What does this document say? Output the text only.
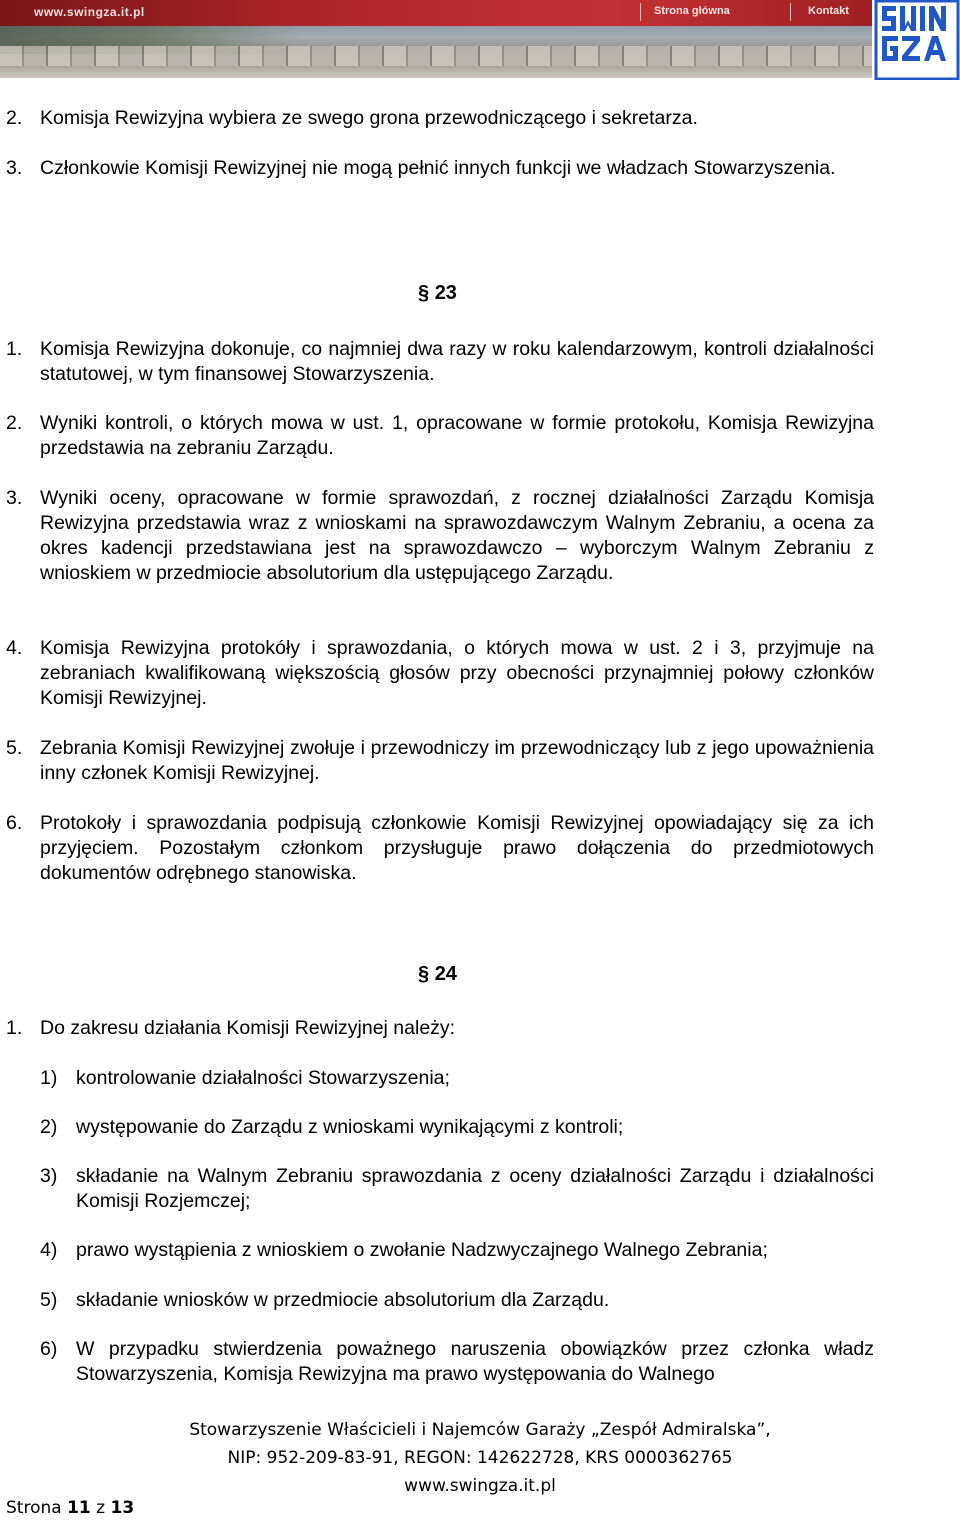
www.swingza.it.pl	Strona główna	Kontakt
2. Komisja Rewizyjna wybiera ze swego grona przewodniczącego i sekretarza.
3. Członkowie Komisji Rewizyjnej nie mogą pełnić innych funkcji we władzach Stowarzyszenia.
§ 23
1. Komisja Rewizyjna dokonuje, co najmniej dwa razy w roku kalendarzowym, kontroli działalności statutowej, w tym finansowej Stowarzyszenia.
2. Wyniki kontroli, o których mowa w ust. 1, opracowane w formie protokołu, Komisja Rewizyjna przedstawia na zebraniu Zarządu.
3. Wyniki oceny, opracowane w formie sprawozdań, z rocznej działalności Zarządu Komisja Rewizyjna przedstawia wraz z wnioskami na sprawozdawczym Walnym Zebraniu, a ocena za okres kadencji przedstawiana jest na sprawozdawczo – wyborczym Walnym Zebraniu z wnioskiem w przedmiocie absolutorium dla ustępującego Zarządu.
4. Komisja Rewizyjna protokóły i sprawozdania, o których mowa w ust. 2 i 3, przyjmuje na zebraniach kwalifikowaną większością głosów przy obecności przynajmniej połowy członków Komisji Rewizyjnej.
5. Zebrania Komisji Rewizyjnej zwołuje i przewodniczy im przewodniczący lub z jego upoważnienia inny członek Komisji Rewizyjnej.
6. Protokoły i sprawozdania podpisują członkowie Komisji Rewizyjnej opowiadający się za ich przyjęciem. Pozostałym członkom przysługuje prawo dołączenia do przedmiotowych dokumentów odrębnego stanowiska.
§ 24
1. Do zakresu działania Komisji Rewizyjnej należy:
1) kontrolowanie działalności Stowarzyszenia;
2) występowanie do Zarządu z wnioskami wynikającymi z kontroli;
3) składanie na Walnym Zebraniu sprawozdania z oceny działalności Zarządu i działalności Komisji Rozjemczej;
4) prawo wystąpienia z wnioskiem o zwołanie Nadzwyczajnego Walnego Zebrania;
5) składanie wniosków w przedmiocie absolutorium dla Zarządu.
6) W przypadku stwierdzenia poważnego naruszenia obowiązków przez członka władz Stowarzyszenia, Komisja Rewizyjna ma prawo występowania do Walnego
Stowarzyszenie Właścicieli i Najemców Garaży „Zespół Admiralska”,
NIP: 952-209-83-91, REGON: 142622728, KRS 0000362765
www.swingza.it.pl
Strona 11 z 13
